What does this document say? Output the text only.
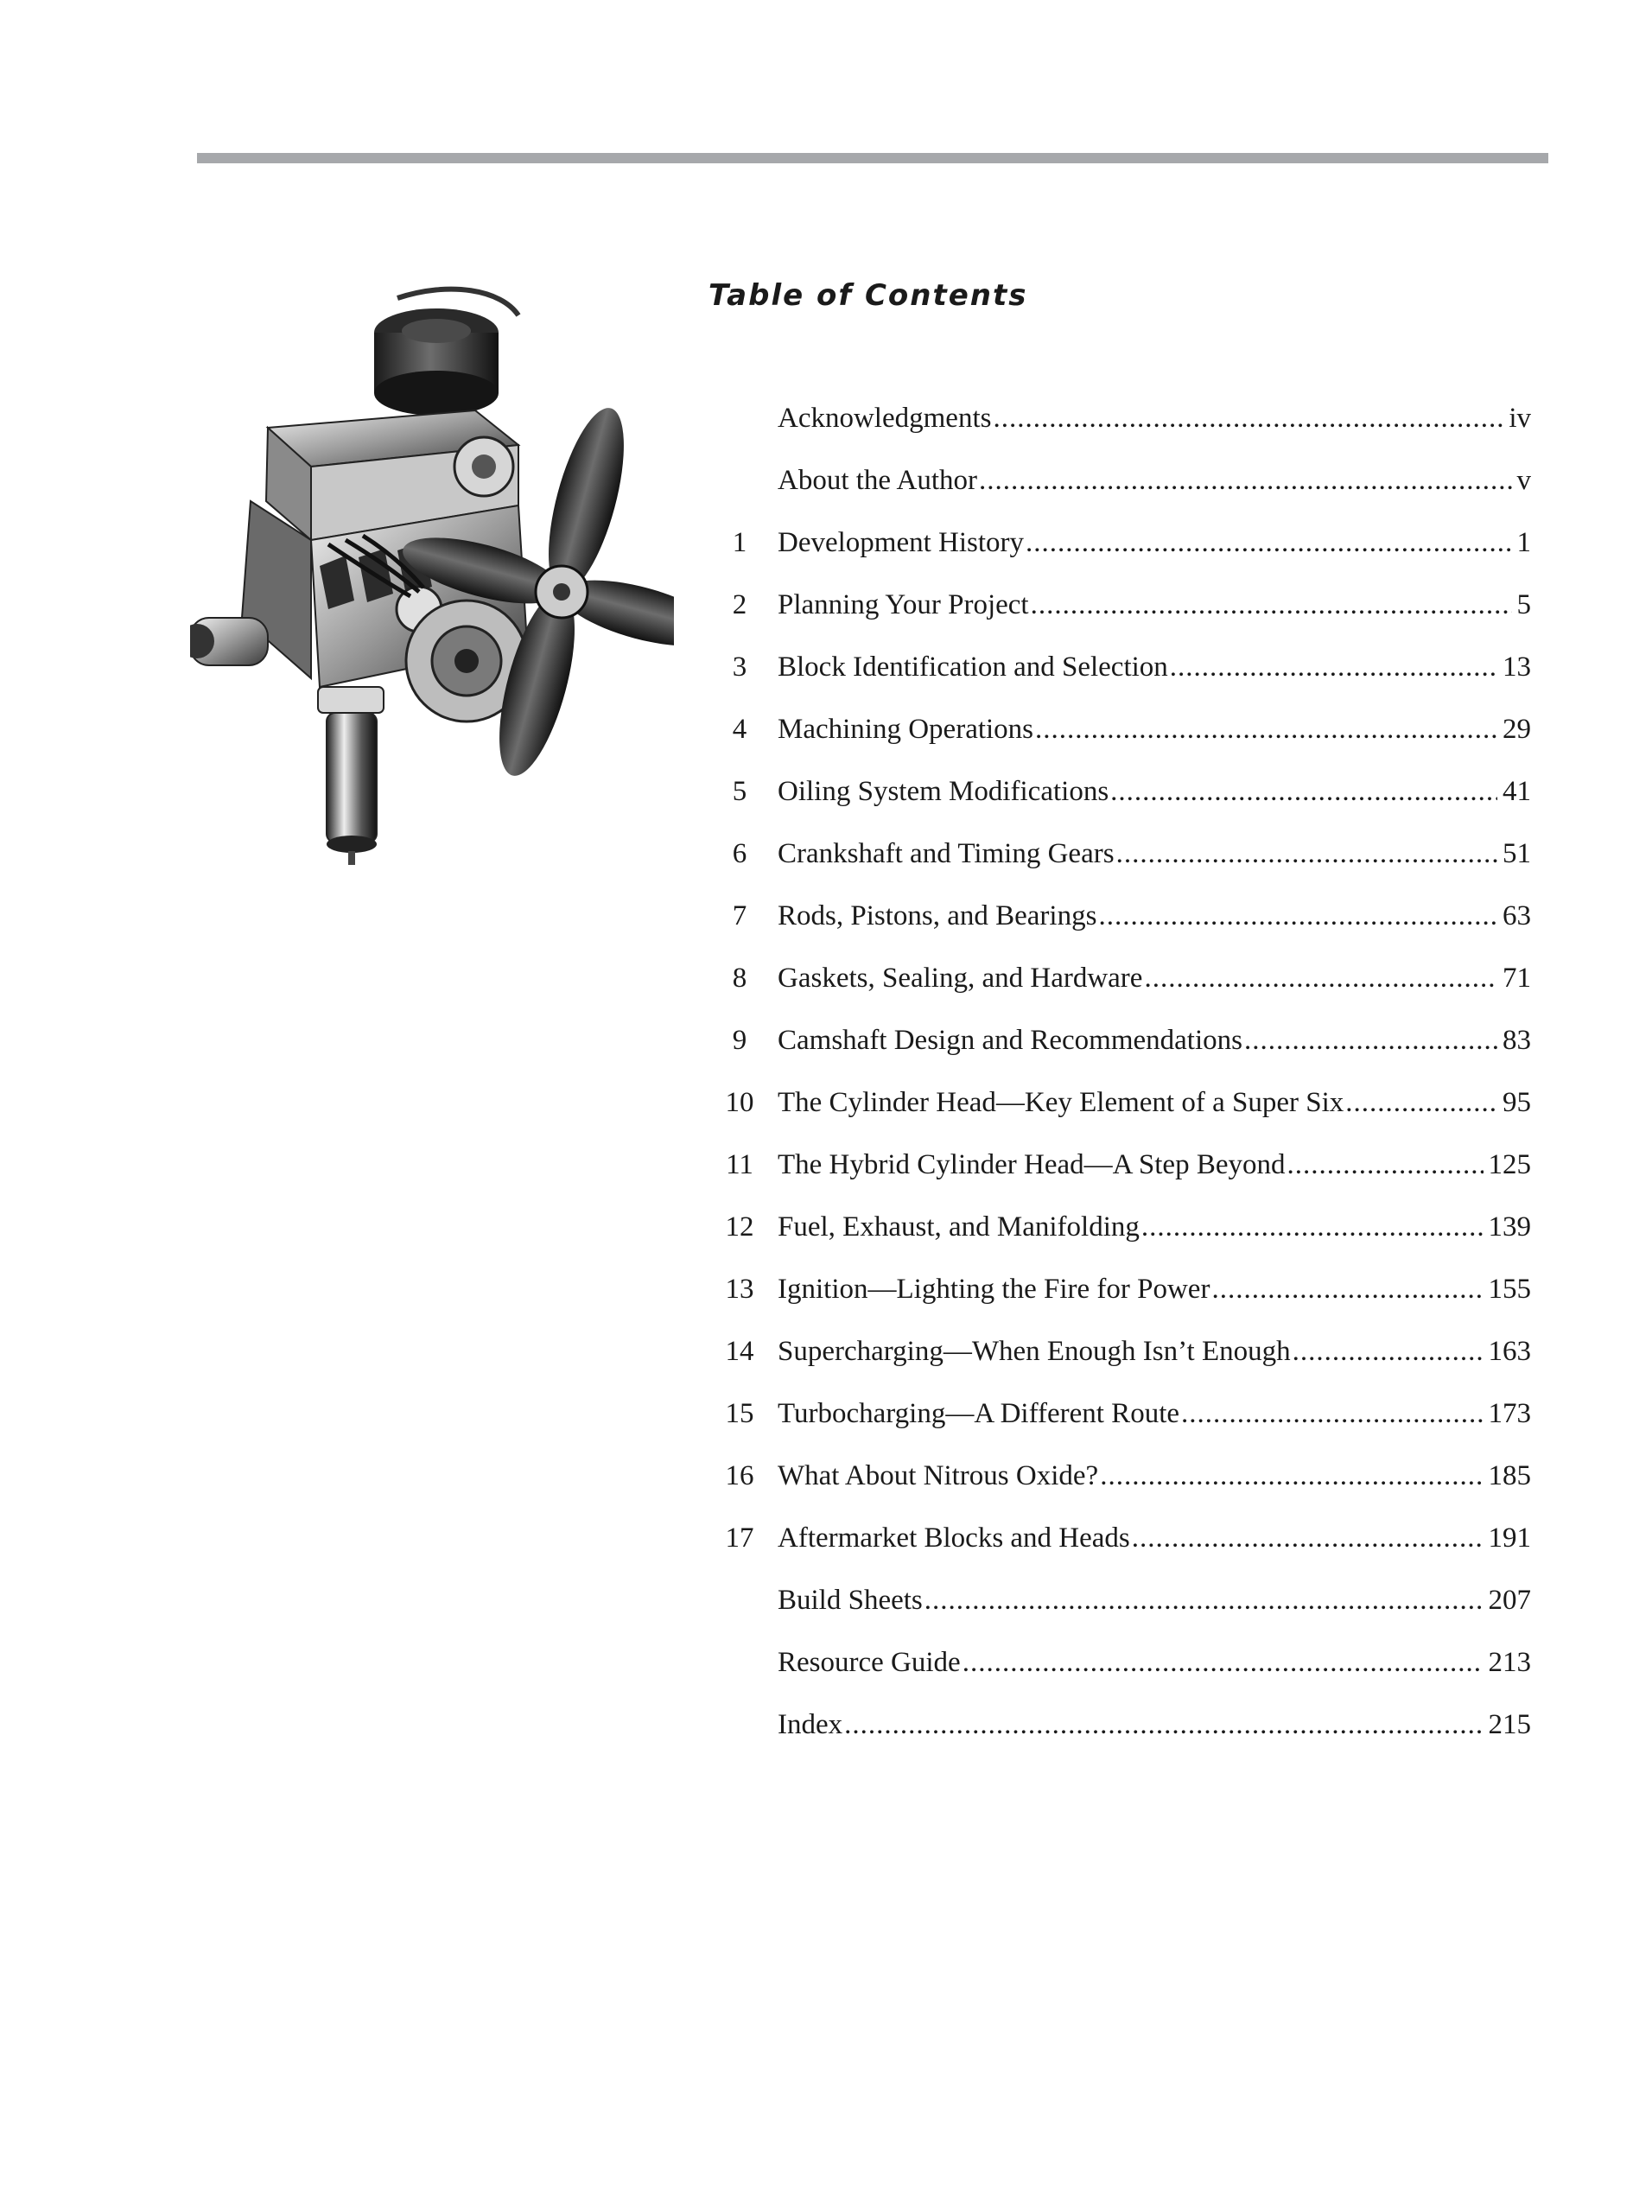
Table of Contents
Acknowledgments .....	iv
About the Author .....	v
1	Development History .....	1
2	Planning Your Project .....	5
3	Block Identification and Selection .....	13
4	Machining Operations .....	29
5	Oiling System Modifications .....	41
6	Crankshaft and Timing Gears .....	51
7	Rods, Pistons, and Bearings .....	63
8	Gaskets, Sealing, and Hardware .....	71
9	Camshaft Design and Recommendations .....	83
10 The Cylinder Head—Key Element of a Super Six .....	95
11 The Hybrid Cylinder Head—A Step Beyond .....	125
12 Fuel, Exhaust, and Manifolding .....	139
13 Ignition—Lighting the Fire for Power .....	155
14 Supercharging—When Enough Isn’t Enough .....	163
15 Turbocharging—A Different Route .....	173
16 What About Nitrous Oxide? .....	185
17 Aftermarket Blocks and Heads .....	191
Build Sheets .....	207
Resource Guide .....	213
Index .....	215
